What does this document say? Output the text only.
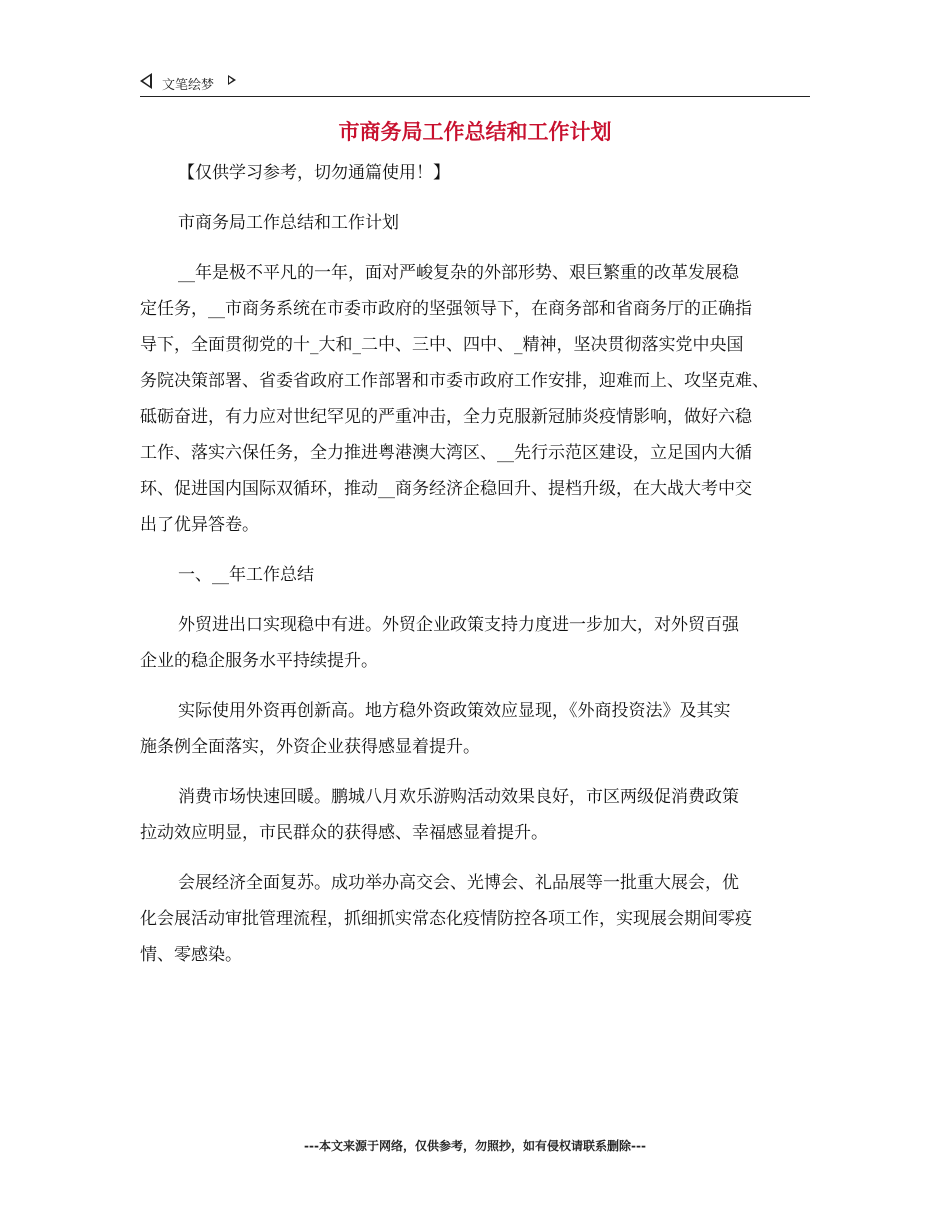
文笔绘梦
市商务局工作总结和工作计划
【仅供学习参考，切勿通篇使用！】
市商务局工作总结和工作计划
__年是极不平凡的一年，面对严峻复杂的外部形势、艰巨繁重的改革发展稳
定任务，__市商务系统在市委市政府的坚强领导下，在商务部和省商务厅的正确指
导下，全面贯彻党的十_大和_二中、三中、四中、_精神，坚决贯彻落实党中央国
务院决策部署、省委省政府工作部署和市委市政府工作安排，迎难而上、攻坚克难、
砥砺奋进，有力应对世纪罕见的严重冲击，全力克服新冠肺炎疫情影响，做好六稳
工作、落实六保任务，全力推进粤港澳大湾区、__先行示范区建设，立足国内大循
环、促进国内国际双循环，推动__商务经济企稳回升、提档升级，在大战大考中交
出了优异答卷。
一、__年工作总结
外贸进出口实现稳中有进。外贸企业政策支持力度进一步加大，对外贸百强
企业的稳企服务水平持续提升。
实际使用外资再创新高。地方稳外资政策效应显现，《外商投资法》及其实
施条例全面落实，外资企业获得感显着提升。
消费市场快速回暖。鹏城八月欢乐游购活动效果良好，市区两级促消费政策
拉动效应明显，市民群众的获得感、幸福感显着提升。
会展经济全面复苏。成功举办高交会、光博会、礼品展等一批重大展会，优
化会展活动审批管理流程，抓细抓实常态化疫情防控各项工作，实现展会期间零疫
情、零感染。
---本文来源于网络，仅供参考，勿照抄，如有侵权请联系删除---
